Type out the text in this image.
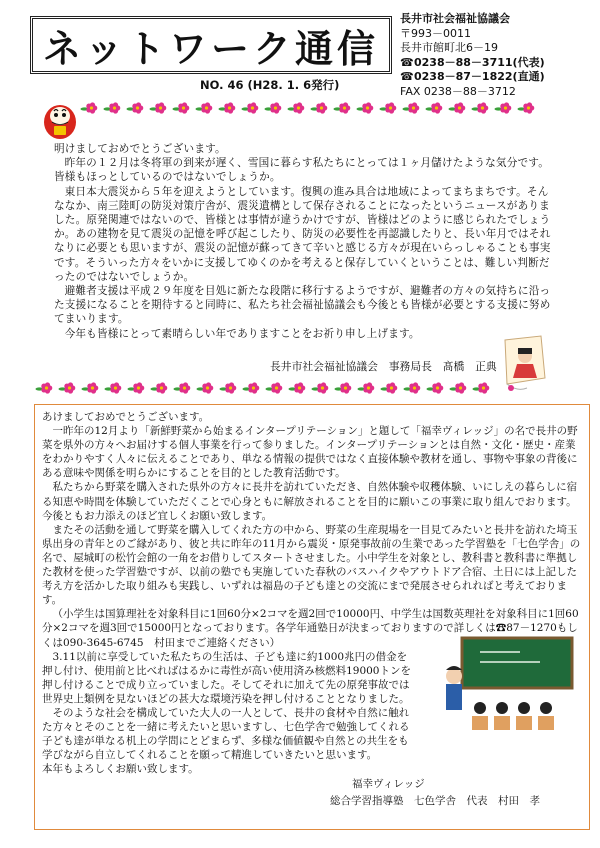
ネットワーク通信
NO. 46 (H28. 1. 6発行)
長井市社会福祉協議会
〒993－0011
長井市館町北6－19
☎ 0238－88－3711(代表)
☎ 0238－87－1822(直通)
FAX 0238－88－3712

明けましておめでとうございます。

昨年の１２月は冬将軍の到来が遅く、雪国に暮らす私たちにとっては１ヶ月儲けたような気分です。皆様もほっとしているのではないでしょうか。

東日本大震災から５年を迎えようとしています。復興の進み具合は地域によってまちまちです。そんななか、南三陸町の防災対策庁舎が、震災遺構として保存されることになったというニュースがありました。原発関連ではないので、皆様とは事情が違うかけですが、皆様はどのように感じられたでしょうか。あの建物を見て震災の記憶を呼び起こしたり、防災の必要性を再認識したりと、長い年月ではそれなりに必要とも思いますが、震災の記憶が蘇ってきて辛いと感じる方々が現在いらっしゃることも事実です。そういった方々をいかに支援してゆくのかを考えると保存していくということは、難しい判断だったのではないでしょうか。

避難者支援は平成２９年度を目処に新たな段階に移行するようですが、避難者の方々の気持ちに沿った支援になることを期待すると同時に、私たち社会福祉協議会も今後とも皆様が必要とする支援に努めてまいります。

今年も皆様にとって素晴らしい年でありますことをお祈り申し上げます。

長井市社会福祉協議会　事務局長　髙橋　正典

あけましておめでとうございます。

一昨年の12月より「新鮮野菜から始まるインタープリテーション」と題して「福幸ヴィレッジ」の名で長井の野菜を県外の方々へお届けする個人事業を行って参りました。インタープリテーションとは自然・文化・歴史・産業をわかりやすく人々に伝えることであり、単なる情報の提供ではなく直接体験や教材を通し、事物や事象の背後にある意味や関係を明らかにすることを目的とした教育活動です。

私たちから野菜を購入された県外の方々に長井を訪れていただき、自然体験や収穫体験、いにしえの暮らしに宿る知恵や時間を体験していただくことで心身ともに解放されることを目的に願いこの事業に取り組んでおります。今後ともお力添えのほど宜しくお願い致します。

またその活動を通して野菜を購入してくれた方の中から、野菜の生産現場を一目見てみたいと長井を訪れた埼玉県出身の青年とのご縁があり、彼と共に昨年の11月から震災・原発事故前の生業であった学習塾を「七色学舎」の名で、屋城町の松竹会館の一角をお借りしてスタートさせました。小中学生を対象とし、教科書と教科書に準拠した教材を使った学習塾ですが、以前の塾でも実施していた春秋のバスハイクやアウトドア合宿、土日には上記した考え方を活かした取り組みも実践し、いずれは福島の子ども達との交流にまで発展させられればと考えております。

（小学生は国算理社を対象科目に1回60分×2コマを週2回で10000円、中学生は国数英理社を対象科目に1回60分×2コマを週3回で15000円となっております。各学年通塾日が決まっておりますので詳しくは☎87－1270もしくは090-3645-6745　村田までご連絡ください）

3.11以前に享受していた私たちの生活は、子ども達に約1000兆円の借金を押し付け、使用前と比べればはるかに毒性が高い使用済み核燃料19000トンを押し付けることで成り立っていました。そしてそれに加えて先の原発事故では世界史上類例を見ないほどの甚大な環境汚染を押し付けることとなりました。

そのような社会を構成していた大人の一人として、長井の食材や自然に触れた方々とそのことを一緒に考えたいと思いますし、七色学舎で勉強してくれる子ども達が単なる机上の学問にとどまらず、多様な価値観や自然との共生をも学びながら自立してくれることを願って精進していきたいと思います。

本年もよろしくお願い致します。

福幸ヴィレッジ
総合学習指導塾　七色学舎　代表　村田　孝
